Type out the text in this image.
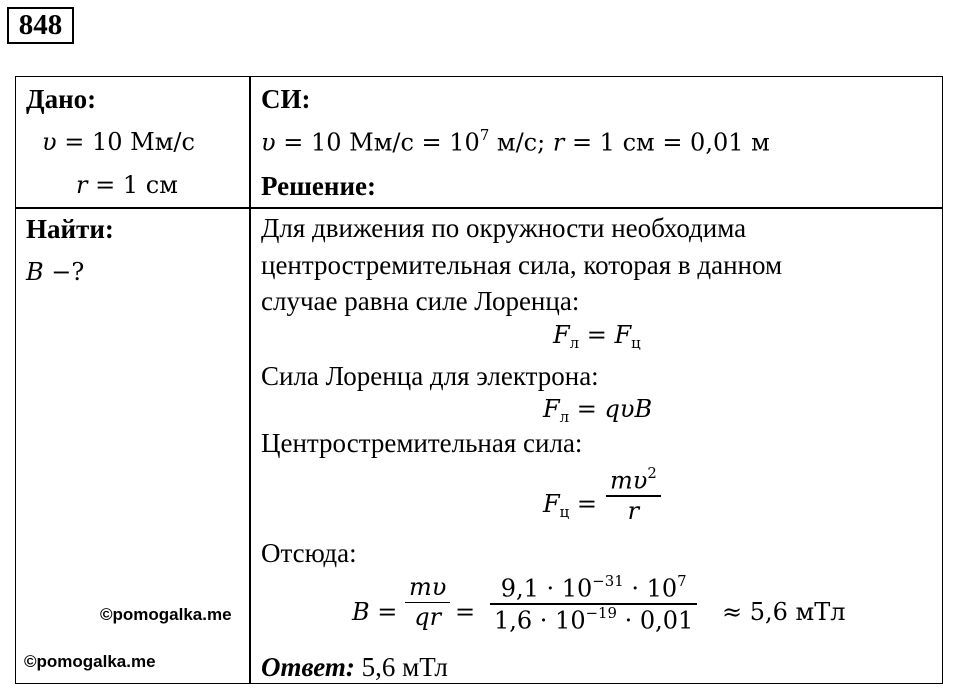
848
Дано:
υ = 10 Мм/с
r = 1 см
Найти:
B −?
СИ:
υ = 10 $Мм/с = 10^7$ м/с; r = 1 см = 0,01 м
Решение:
Для движения по окружности необходима
центростремительная сила, которая в данном
случае равна силе Лоренца:
$F_л = F_ц$
Сила Лоренца для электрона:
$F_л = q\upsilon B$
Центростремительная сила:
$F_ц$ =
$m\upsilon^2$
r
Отсюда:
B =
mυ
qr =
$9,1 \cdot 10^{-31} \cdot 10^7$
$1,6 \cdot 10^{-19} \cdot 0,01 \approx 5,6$ мТл
Ответ: 5,6 мТл
©pomogalka.me
©pomogalka.me
